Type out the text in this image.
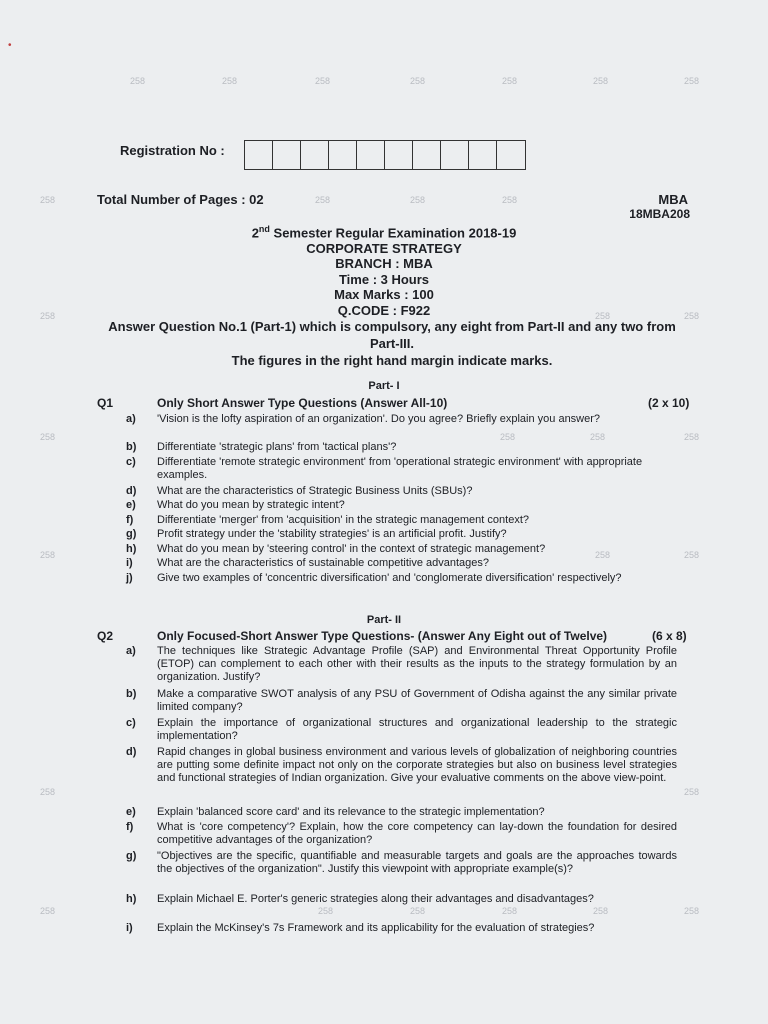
258	258	258	258	258	258	258
258	258	258	258
258	258	258
258	258	258	258
258	258	258
258	258
258	258	258	258	258	258
•
Registration No :
Total Number of Pages : 02	MBA
18MBA208
2nd Semester Regular Examination 2018-19
CORPORATE STRATEGY
BRANCH : MBA
Time : 3 Hours
Max Marks : 100
Q.CODE : F922
Answer Question No.1 (Part-1) which is compulsory, any eight from Part-II and any two from Part-III.
The figures in the right hand margin indicate marks.
Part- I
Q1	Only Short Answer Type Questions (Answer All-10)	(2 x 10)
a) 'Vision is the lofty aspiration of an organization'. Do you agree? Briefly explain you answer?
b) Differentiate 'strategic plans' from 'tactical plans'?
c) Differentiate 'remote strategic environment' from 'operational strategic environment' with appropriate examples.
d) What are the characteristics of Strategic Business Units (SBUs)?
e) What do you mean by strategic intent?
f) Differentiate 'merger' from 'acquisition' in the strategic management context?
g) Profit strategy under the 'stability strategies' is an artificial profit. Justify?
h) What do you mean by 'steering control' in the context of strategic management?
i) What are the characteristics of sustainable competitive advantages?
j) Give two examples of 'concentric diversification' and 'conglomerate diversification' respectively?
Part- II
Q2	Only Focused-Short Answer Type Questions- (Answer Any Eight out of Twelve)	(6 x 8)
a) The techniques like Strategic Advantage Profile (SAP) and Environmental Threat Opportunity Profile (ETOP) can complement to each other with their results as the inputs to the strategy formulation by an organization. Justify?
b) Make a comparative SWOT analysis of any PSU of Government of Odisha against the any similar private limited company?
c) Explain the importance of organizational structures and organizational leadership to the strategic implementation?
d) Rapid changes in global business environment and various levels of globalization of neighboring countries are putting some definite impact not only on the corporate strategies but also on business level strategies and functional strategies of Indian organization. Give your evaluative comments on the above view-point.
e) Explain 'balanced score card' and its relevance to the strategic implementation?
f) What is 'core competency'? Explain, how the core competency can lay-down the foundation for desired competitive advantages of the organization?
g) "Objectives are the specific, quantifiable and measurable targets and goals are the approaches towards the objectives of the organization". Justify this viewpoint with appropriate example(s)?
h) Explain Michael E. Porter's generic strategies along their advantages and disadvantages?
i) Explain the McKinsey's 7s Framework and its applicability for the evaluation of strategies?
